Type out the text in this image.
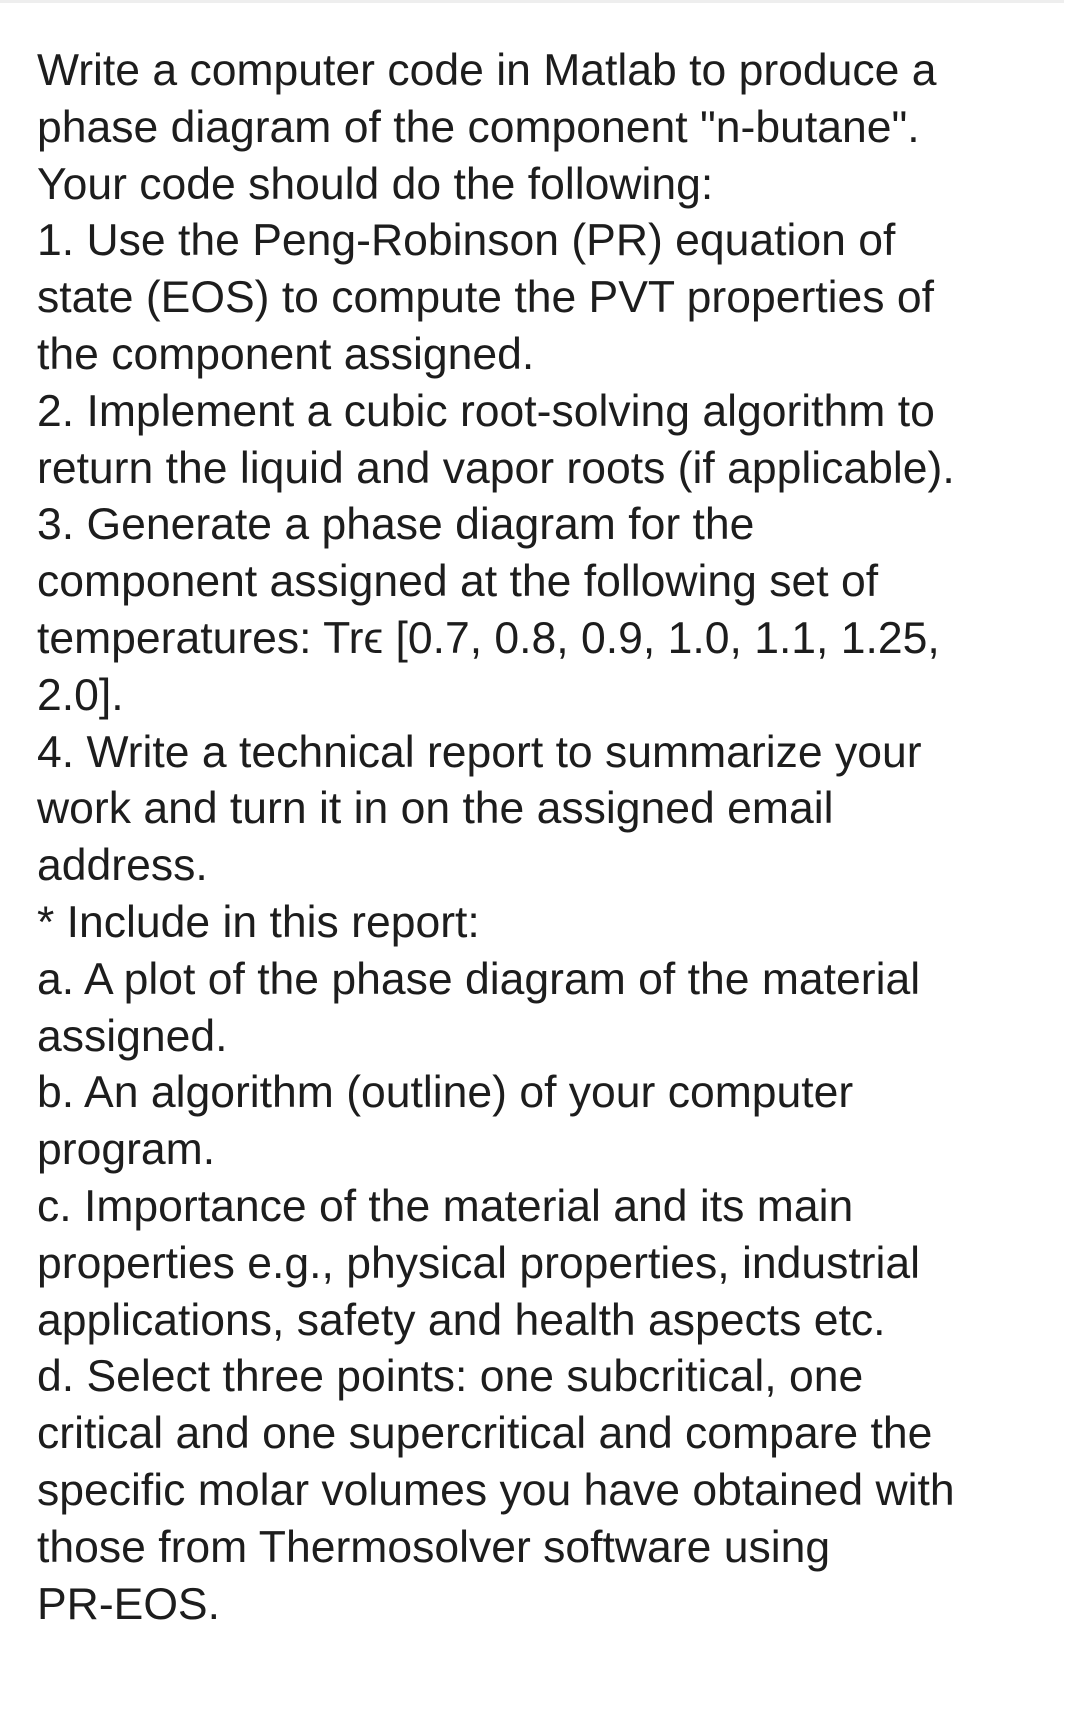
Write a computer code in Matlab to produce a
phase diagram of the component "n-butane".
Your code should do the following:
1. Use the Peng-Robinson (PR) equation of
state (EOS) to compute the PVT properties of
the component assigned.
2. Implement a cubic root-solving algorithm to
return the liquid and vapor roots (if applicable).
3. Generate a phase diagram for the
component assigned at the following set of
temperatures: Trϵ [0.7, 0.8, 0.9, 1.0, 1.1, 1.25,
2.0].
4. Write a technical report to summarize your
work and turn it in on the assigned email
address.
* Include in this report:
a. A plot of the phase diagram of the material
assigned.
b. An algorithm (outline) of your computer
program.
c. Importance of the material and its main
properties e.g., physical properties, industrial
applications, safety and health aspects etc.
d. Select three points: one subcritical, one
critical and one supercritical and compare the
specific molar volumes you have obtained with
those from Thermosolver software using
PR-EOS.
